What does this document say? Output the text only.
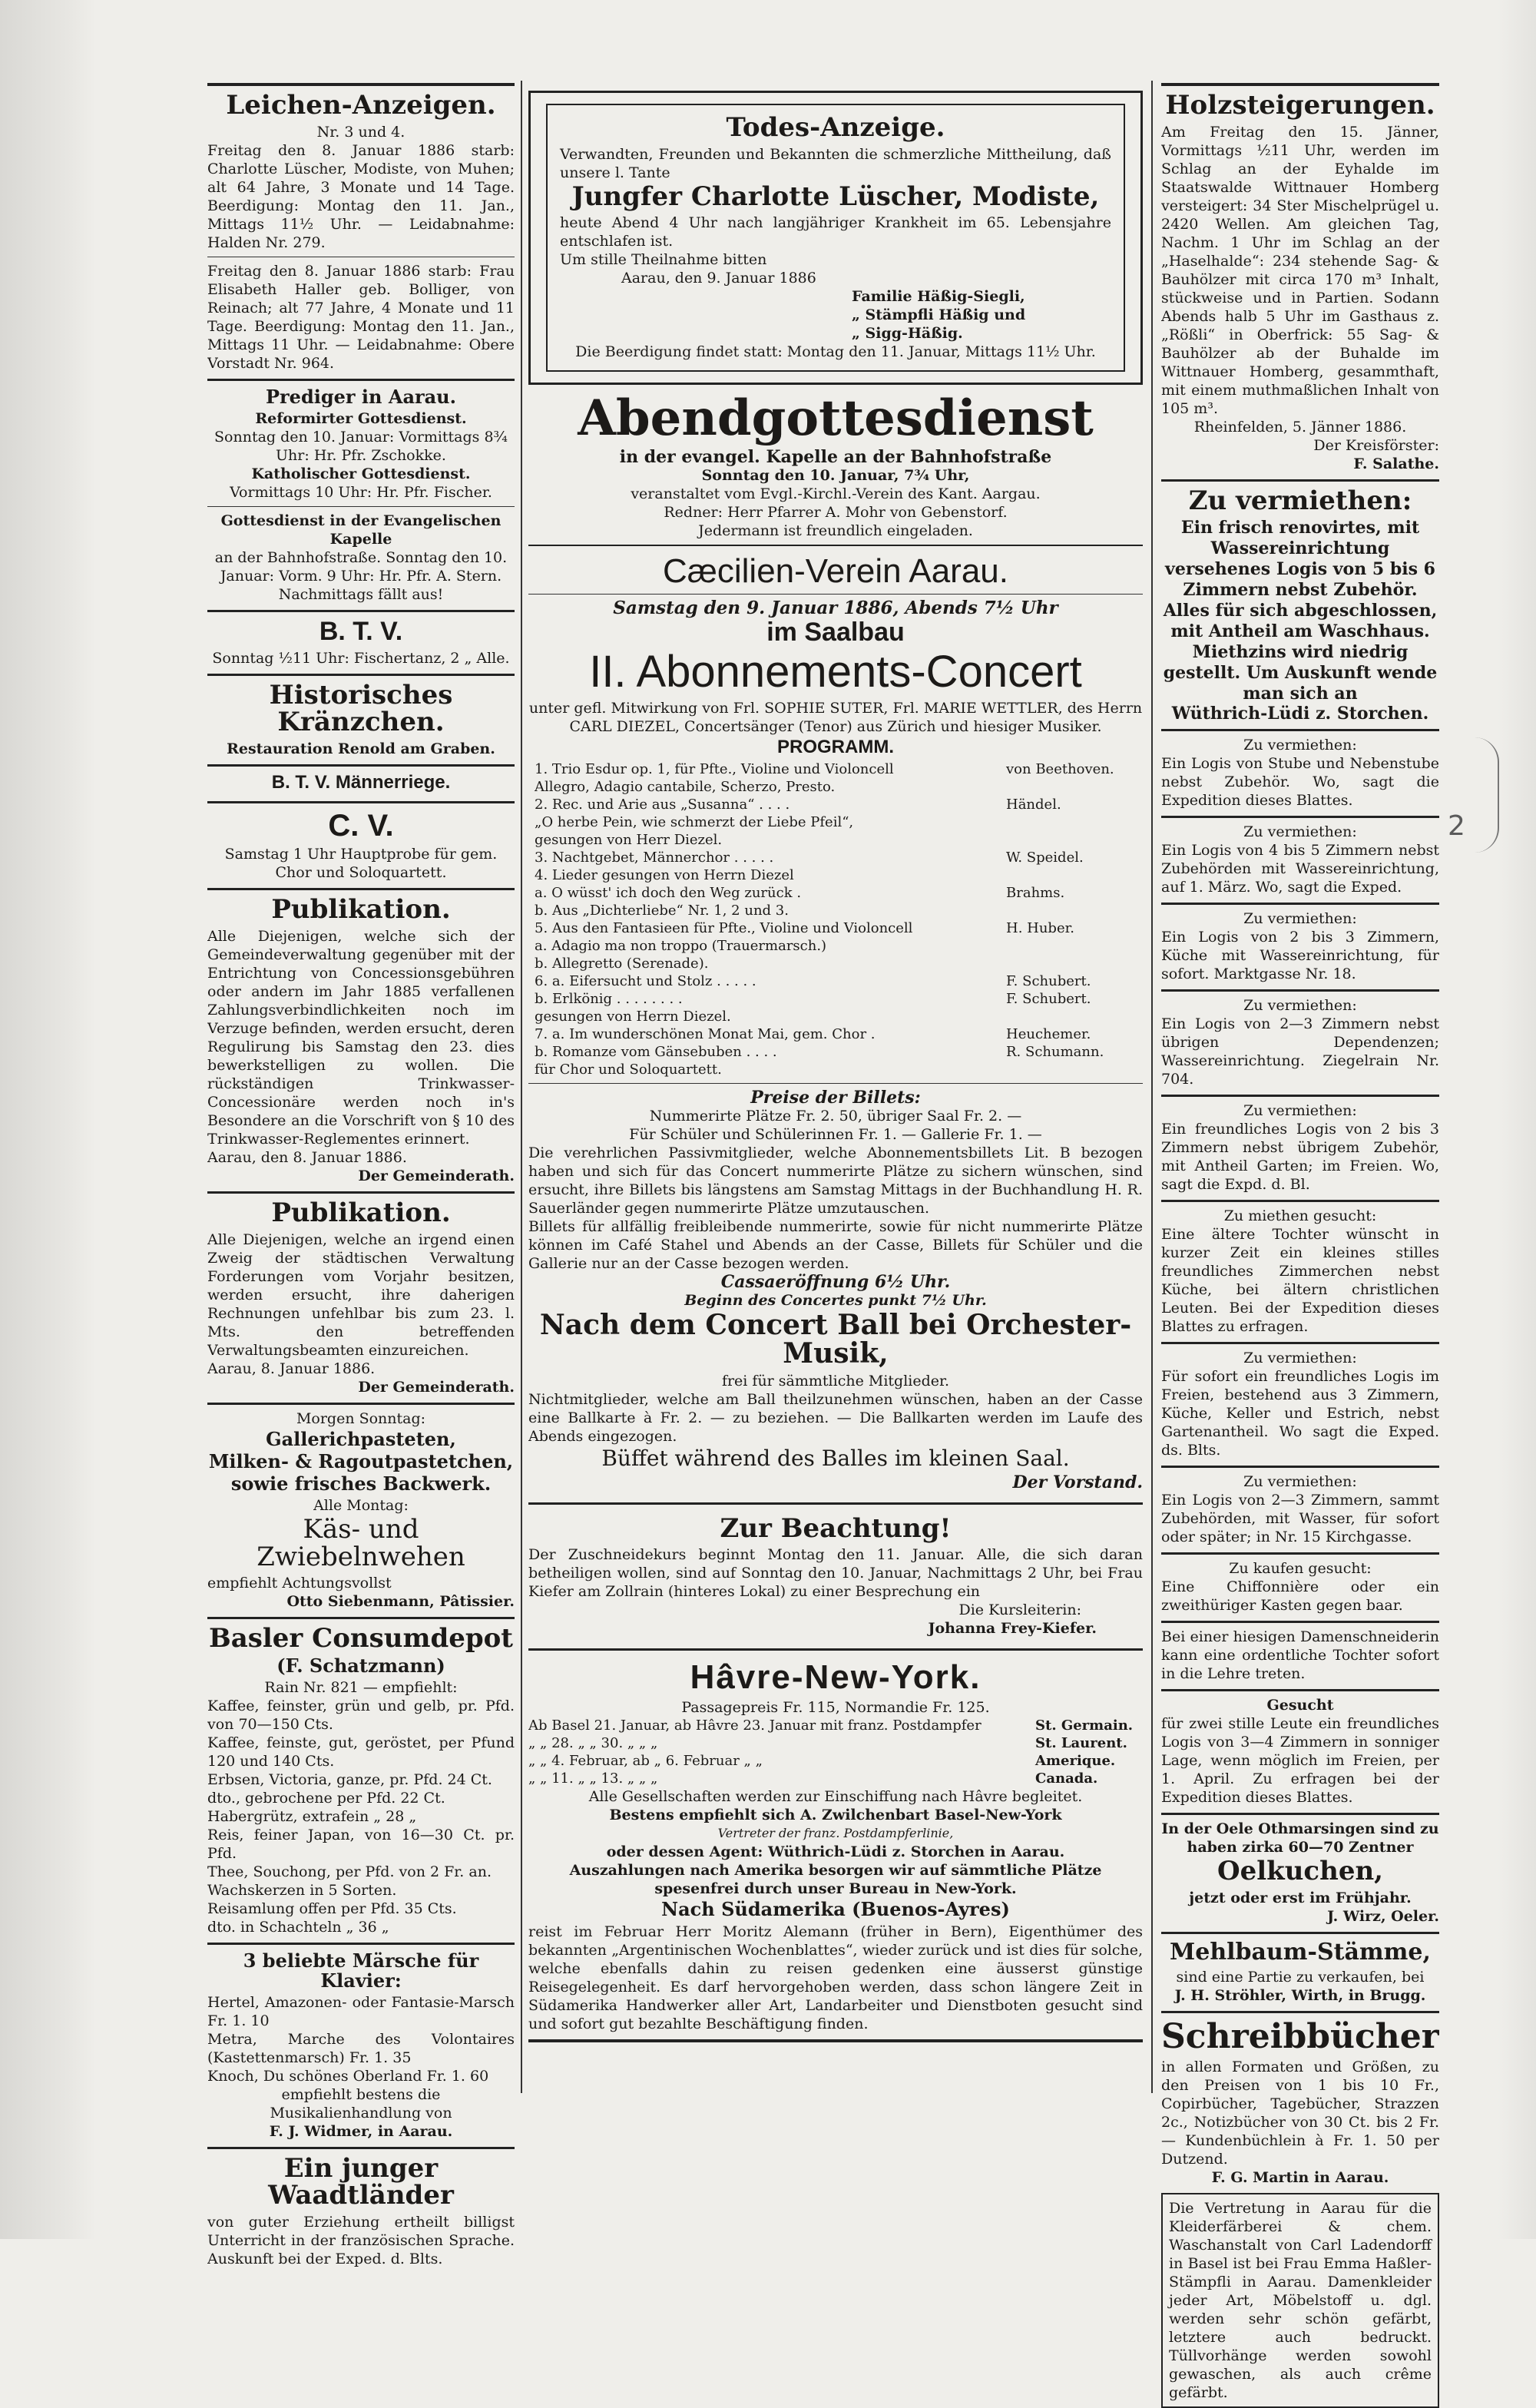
Leichen-Anzeigen.
Nr. 3 und 4.

Freitag den 8. Januar 1886 starb: Charlotte Lüscher, Modiste, von Muhen; alt 64 Jahre, 3 Monate und 14 Tage. Beerdigung: Montag den 11. Jan., Mittags 11½ Uhr. — Leidabnahme: Halden Nr. 279.

Freitag den 8. Januar 1886 starb: Frau Elisabeth Haller geb. Bolliger, von Reinach; alt 77 Jahre, 4 Monate und 11 Tage. Beerdigung: Montag den 11. Jan., Mittags 11 Uhr. — Leidabnahme: Obere Vorstadt Nr. 964.

Prediger in Aarau.
Reformirter Gottesdienst.

Sonntag den 10. Januar: Vormittags 8¾ Uhr: Hr. Pfr. Zschokke.

Katholischer Gottesdienst.

Vormittags 10 Uhr: Hr. Pfr. Fischer.

Gottesdienst in der Evangelischen Kapelle

an der Bahnhofstraße. Sonntag den 10. Januar: Vorm. 9 Uhr: Hr. Pfr. A. Stern. Nachmittags fällt aus!

B. T. V.

Sonntag ½11 Uhr: Fischertanz, 2 „ Alle.

Historisches Kränzchen.

Restauration Renold am Graben.

B. T. V. Männerriege.
C. V.

Samstag 1 Uhr Hauptprobe für gem. Chor und Soloquartett.

Publikation.

Alle Diejenigen, welche sich der Gemeindeverwaltung gegenüber mit der Entrichtung von Concessionsgebühren oder andern im Jahr 1885 verfallenen Zahlungsverbindlichkeiten noch im Verzuge befinden, werden ersucht, deren Regulirung bis Samstag den 23. dies bewerkstelligen zu wollen. Die rückständigen Trinkwasser-Concessionäre werden noch in's Besondere an die Vorschrift von § 10 des Trinkwasser-Reglementes erinnert.

Aarau, den 8. Januar 1886.

Der Gemeinderath.

Publikation.

Alle Diejenigen, welche an irgend einen Zweig der städtischen Verwaltung Forderungen vom Vorjahr besitzen, werden ersucht, ihre daherigen Rechnungen unfehlbar bis zum 23. l. Mts. den betreffenden Verwaltungsbeamten einzureichen.

Aarau, 8. Januar 1886.

Der Gemeinderath.

Morgen Sonntag:

Gallerichpasteten,
Milken- & Ragoutpastetchen,
sowie frisches Backwerk.

Alle Montag:

Käs- und Zwiebelnwehen

empfiehlt Achtungsvollst

Otto Siebenmann, Pâtissier.

Basler Consumdepot
(F. Schatzmann)

Rain Nr. 821 — empfiehlt:

Kaffee, feinster, grün und gelb, pr. Pfd. von 70—150 Cts.

Kaffee, feinste, gut, geröstet, per Pfund 120 und 140 Cts.

Erbsen, Victoria, ganze, pr. Pfd. 24 Ct.

dto., gebrochene per Pfd. 22 Ct.

Habergrütz, extrafein „ 28 „

Reis, feiner Japan, von 16—30 Ct. pr. Pfd.

Thee, Souchong, per Pfd. von 2 Fr. an.

Wachskerzen in 5 Sorten.

Reisamlung offen per Pfd. 35 Cts.

dto. in Schachteln „ 36 „

3 beliebte Märsche für Klavier:

Hertel, Amazonen- oder Fantasie-Marsch Fr. 1. 10

Metra, Marche des Volontaires (Kastettenmarsch) Fr. 1. 35

Knoch, Du schönes Oberland Fr. 1. 60

empfiehlt bestens die Musikalienhandlung von

F. J. Widmer, in Aarau.

Ein junger Waadtländer

von guter Erziehung ertheilt billigst Unterricht in der französischen Sprache. Auskunft bei der Exped. d. Blts.

Todes-Anzeige.

Verwandten, Freunden und Bekannten die schmerzliche Mittheilung, daß unsere l. Tante

Jungfer Charlotte Lüscher, Modiste,

heute Abend 4 Uhr nach langjähriger Krankheit im 65. Lebensjahre entschlafen ist.

Um stille Theilnahme bitten

Aarau, den 9. Januar 1886

Familie Häßig-Siegli,

„ Stämpfli Häßig und

„ Sigg-Häßig.

Die Beerdigung findet statt: Montag den 11. Januar, Mittags 11½ Uhr.

Abendgottesdienst

in der evangel. Kapelle an der Bahnhofstraße

Sonntag den 10. Januar, 7¾ Uhr,

veranstaltet vom Evgl.-Kirchl.-Verein des Kant. Aargau.

Redner: Herr Pfarrer A. Mohr von Gebenstorf.

Jedermann ist freundlich eingeladen.

Cæcilien-Verein Aarau.

Samstag den 9. Januar 1886, Abends 7½ Uhr

im Saalbau
II. Abonnements-Concert

unter gefl. Mitwirkung von Frl. SOPHIE SUTER, Frl. MARIE WETTLER, des Herrn CARL DIEZEL, Concertsänger (Tenor) aus Zürich und hiesiger Musiker.

PROGRAMM.
1. Trio Esdur op. 1, für Pfte., Violine und Violoncell	von Beethoven.
Allegro, Adagio cantabile, Scherzo, Presto.
2. Rec. und Arie aus „Susanna“ . . . .	Händel.
„O herbe Pein, wie schmerzt der Liebe Pfeil“,
gesungen von Herr Diezel.
3. Nachtgebet, Männerchor . . . . .	W. Speidel.
4. Lieder gesungen von Herrn Diezel
a. O wüsst' ich doch den Weg zurück .	Brahms.
b. Aus „Dichterliebe“ Nr. 1, 2 und 3.
5. Aus den Fantasieen für Pfte., Violine und Violoncell	H. Huber.
a. Adagio ma non troppo (Trauermarsch.)
b. Allegretto (Serenade).
6. a. Eifersucht und Stolz . . . . .	F. Schubert.
b. Erlkönig . . . . . . . .	F. Schubert.
gesungen von Herrn Diezel.
7. a. Im wunderschönen Monat Mai, gem. Chor .	Heuchemer.
b. Romanze vom Gänsebuben . . . .	R. Schumann.
für Chor und Soloquartett.

Preise der Billets:

Nummerirte Plätze Fr. 2. 50, übriger Saal Fr. 2. —

Für Schüler und Schülerinnen Fr. 1. — Gallerie Fr. 1. —

Die verehrlichen Passivmitglieder, welche Abonnementsbillets Lit. B bezogen haben und sich für das Concert nummerirte Plätze zu sichern wünschen, sind ersucht, ihre Billets bis längstens am Samstag Mittags in der Buchhandlung H. R. Sauerländer gegen nummerirte Plätze umzutauschen.

Billets für allfällig freibleibende nummerirte, sowie für nicht nummerirte Plätze können im Café Stahel und Abends an der Casse, Billets für Schüler und die Gallerie nur an der Casse bezogen werden.

Cassaeröffnung 6½ Uhr.

Beginn des Concertes punkt 7½ Uhr.

Nach dem Concert Ball bei Orchester-Musik,

frei für sämmtliche Mitglieder.

Nichtmitglieder, welche am Ball theilzunehmen wünschen, haben an der Casse eine Ballkarte à Fr. 2. — zu beziehen. — Die Ballkarten werden im Laufe des Abends eingezogen.

Büffet während des Balles im kleinen Saal.

Der Vorstand.

Zur Beachtung!

Der Zuschneidekurs beginnt Montag den 11. Januar. Alle, die sich daran betheiligen wollen, sind auf Sonntag den 10. Januar, Nachmittags 2 Uhr, bei Frau Kiefer am Zollrain (hinteres Lokal) zu einer Besprechung ein

Die Kursleiterin:

Johanna Frey-Kiefer.

Hâvre-New-York.

Passagepreis Fr. 115, Normandie Fr. 125.

Ab Basel 21. Januar, ab Hâvre 23. Januar mit franz. Postdampfer	St. Germain.
„ „ 28. „ „ 30. „ „ „	St. Laurent.
„ „ 4. Februar, ab „ 6. Februar „ „	Amerique.
„ „ 11. „ „ 13. „ „ „	Canada.

Alle Gesellschaften werden zur Einschiffung nach Hâvre begleitet.

Bestens empfiehlt sich A. Zwilchenbart Basel-New-York

Vertreter der franz. Postdampferlinie,

oder dessen Agent: Wüthrich-Lüdi z. Storchen in Aarau.

Auszahlungen nach Amerika besorgen wir auf sämmtliche Plätze spesenfrei durch unser Bureau in New-York.

Nach Südamerika (Buenos-Ayres)

reist im Februar Herr Moritz Alemann (früher in Bern), Eigenthümer des bekannten „Argentinischen Wochenblattes“, wieder zurück und ist dies für solche, welche ebenfalls dahin zu reisen gedenken eine äusserst günstige Reisegelegenheit. Es darf hervorgehoben werden, dass schon längere Zeit in Südamerika Handwerker aller Art, Landarbeiter und Dienstboten gesucht sind und sofort gut bezahlte Beschäftigung finden.

Holzsteigerungen.

Am Freitag den 15. Jänner, Vormittags ½11 Uhr, werden im Schlag an der Eyhalde im Staatswalde Wittnauer Homberg versteigert: 34 Ster Mischelprügel u. 2420 Wellen. Am gleichen Tag, Nachm. 1 Uhr im Schlag an der „Haselhalde“: 234 stehende Sag- & Bauhölzer mit circa 170 m³ Inhalt, stückweise und in Partien. Sodann Abends halb 5 Uhr im Gasthaus z. „Rößli“ in Oberfrick: 55 Sag- & Bauhölzer ab der Buhalde im Wittnauer Homberg, gesammthaft, mit einem muthmaßlichen Inhalt von 105 m³.

Rheinfelden, 5. Jänner 1886.

Der Kreisförster:

F. Salathe.

Zu vermiethen:

Ein frisch renovirtes, mit Wassereinrichtung versehenes Logis von 5 bis 6 Zimmern nebst Zubehör. Alles für sich abgeschlossen, mit Antheil am Waschhaus. Miethzins wird niedrig gestellt. Um Auskunft wende man sich an

Wüthrich-Lüdi z. Storchen.

Zu vermiethen:

Ein Logis von Stube und Nebenstube nebst Zubehör. Wo, sagt die Expedition dieses Blattes.

Zu vermiethen:

Ein Logis von 4 bis 5 Zimmern nebst Zubehörden mit Wassereinrichtung, auf 1. März. Wo, sagt die Exped.

Zu vermiethen:

Ein Logis von 2 bis 3 Zimmern, Küche mit Wassereinrichtung, für sofort. Marktgasse Nr. 18.

Zu vermiethen:

Ein Logis von 2—3 Zimmern nebst übrigen Dependenzen; Wassereinrichtung. Ziegelrain Nr. 704.

Zu vermiethen:

Ein freundliches Logis von 2 bis 3 Zimmern nebst übrigem Zubehör, mit Antheil Garten; im Freien. Wo, sagt die Expd. d. Bl.

Zu miethen gesucht:

Eine ältere Tochter wünscht in kurzer Zeit ein kleines stilles freundliches Zimmerchen nebst Küche, bei ältern christlichen Leuten. Bei der Expedition dieses Blattes zu erfragen.

Zu vermiethen:

Für sofort ein freundliches Logis im Freien, bestehend aus 3 Zimmern, Küche, Keller und Estrich, nebst Gartenantheil. Wo sagt die Exped. ds. Blts.

Zu vermiethen:

Ein Logis von 2—3 Zimmern, sammt Zubehörden, mit Wasser, für sofort oder später; in Nr. 15 Kirchgasse.

Zu kaufen gesucht:

Eine Chiffonnière oder ein zweithüriger Kasten gegen baar.

Bei einer hiesigen Damenschneiderin kann eine ordentliche Tochter sofort in die Lehre treten.

Gesucht

für zwei stille Leute ein freundliches Logis von 3—4 Zimmern in sonniger Lage, wenn möglich im Freien, per 1. April. Zu erfragen bei der Expedition dieses Blattes.

In der Oele Othmarsingen sind zu haben zirka 60—70 Zentner

Oelkuchen,

jetzt oder erst im Frühjahr.

J. Wirz, Oeler.

Mehlbaum-Stämme,

sind eine Partie zu verkaufen, bei

J. H. Ströhler, Wirth, in Brugg.

Schreibbücher

in allen Formaten und Größen, zu den Preisen von 1 bis 10 Fr., Copirbücher, Tagebücher, Strazzen 2c., Notizbücher von 30 Ct. bis 2 Fr. — Kundenbüchlein à Fr. 1. 50 per Dutzend.

F. G. Martin in Aarau.

Die Vertretung in Aarau für die Kleiderfärberei & chem. Waschanstalt von Carl Ladendorff in Basel ist bei Frau Emma Haßler-Stämpfli in Aarau. Damenkleider jeder Art, Möbelstoff u. dgl. werden sehr schön gefärbt, letztere auch bedruckt. Tüllvorhänge werden sowohl gewaschen, als auch crême gefärbt.

2
